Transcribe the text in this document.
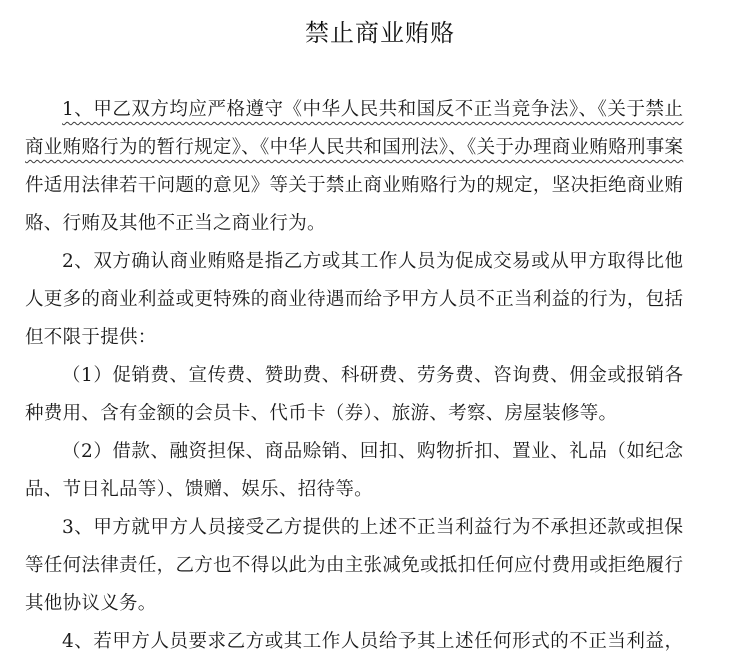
禁止商业贿赂
1、甲乙双方均应严格遵守《中华人民共和国反不正当竞争法》、《关于禁止
商业贿赂行为的暂行规定》、《中华人民共和国刑法》、《关于办理商业贿赂刑事案
件适用法律若干问题的意见》等关于禁止商业贿赂行为的规定，坚决拒绝商业贿
赂、行贿及其他不正当之商业行为。
2、双方确认商业贿赂是指乙方或其工作人员为促成交易或从甲方取得比他
人更多的商业利益或更特殊的商业待遇而给予甲方人员不正当利益的行为，包括
但不限于提供：
（1）促销费、宣传费、赞助费、科研费、劳务费、咨询费、佣金或报销各
种费用、含有金额的会员卡、代币卡（券）、旅游、考察、房屋装修等。
（2）借款、融资担保、商品赊销、回扣、购物折扣、置业、礼品（如纪念
品、节日礼品等）、馈赠、娱乐、招待等。
3、甲方就甲方人员接受乙方提供的上述不正当利益行为不承担还款或担保
等任何法律责任，乙方也不得以此为由主张减免或抵扣任何应付费用或拒绝履行
其他协议义务。
4、若甲方人员要求乙方或其工作人员给予其上述任何形式的不正当利益，
